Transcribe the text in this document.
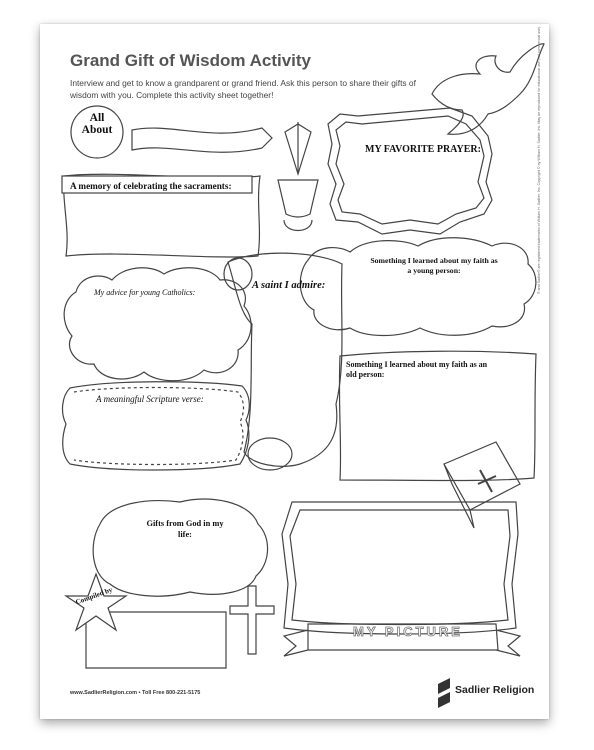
Grand Gift of Wisdom Activity

Interview and get to know a grandparent or grand friend. Ask this person to share their gifts of wisdom with you. Complete this activity sheet together!

All About

MY FAVORITE PRAYER:

A memory of celebrating the sacraments:

Something I learned about my faith as a young person:

My advice for young Catholics:

A saint I admire:

Something I learned about my faith as an old person:

A meaningful Scripture verse:

Gifts from God in my life:

Compiled by

MY PICTURE

www.SadlierReligion.com • Toll Free 800-221-5175	Sadlier Religion

® and Sadlier® are registered trademarks of William H. Sadlier, Inc. Copyright © by William H. Sadlier, Inc. May be reproduced for educational use (not commercial use).
